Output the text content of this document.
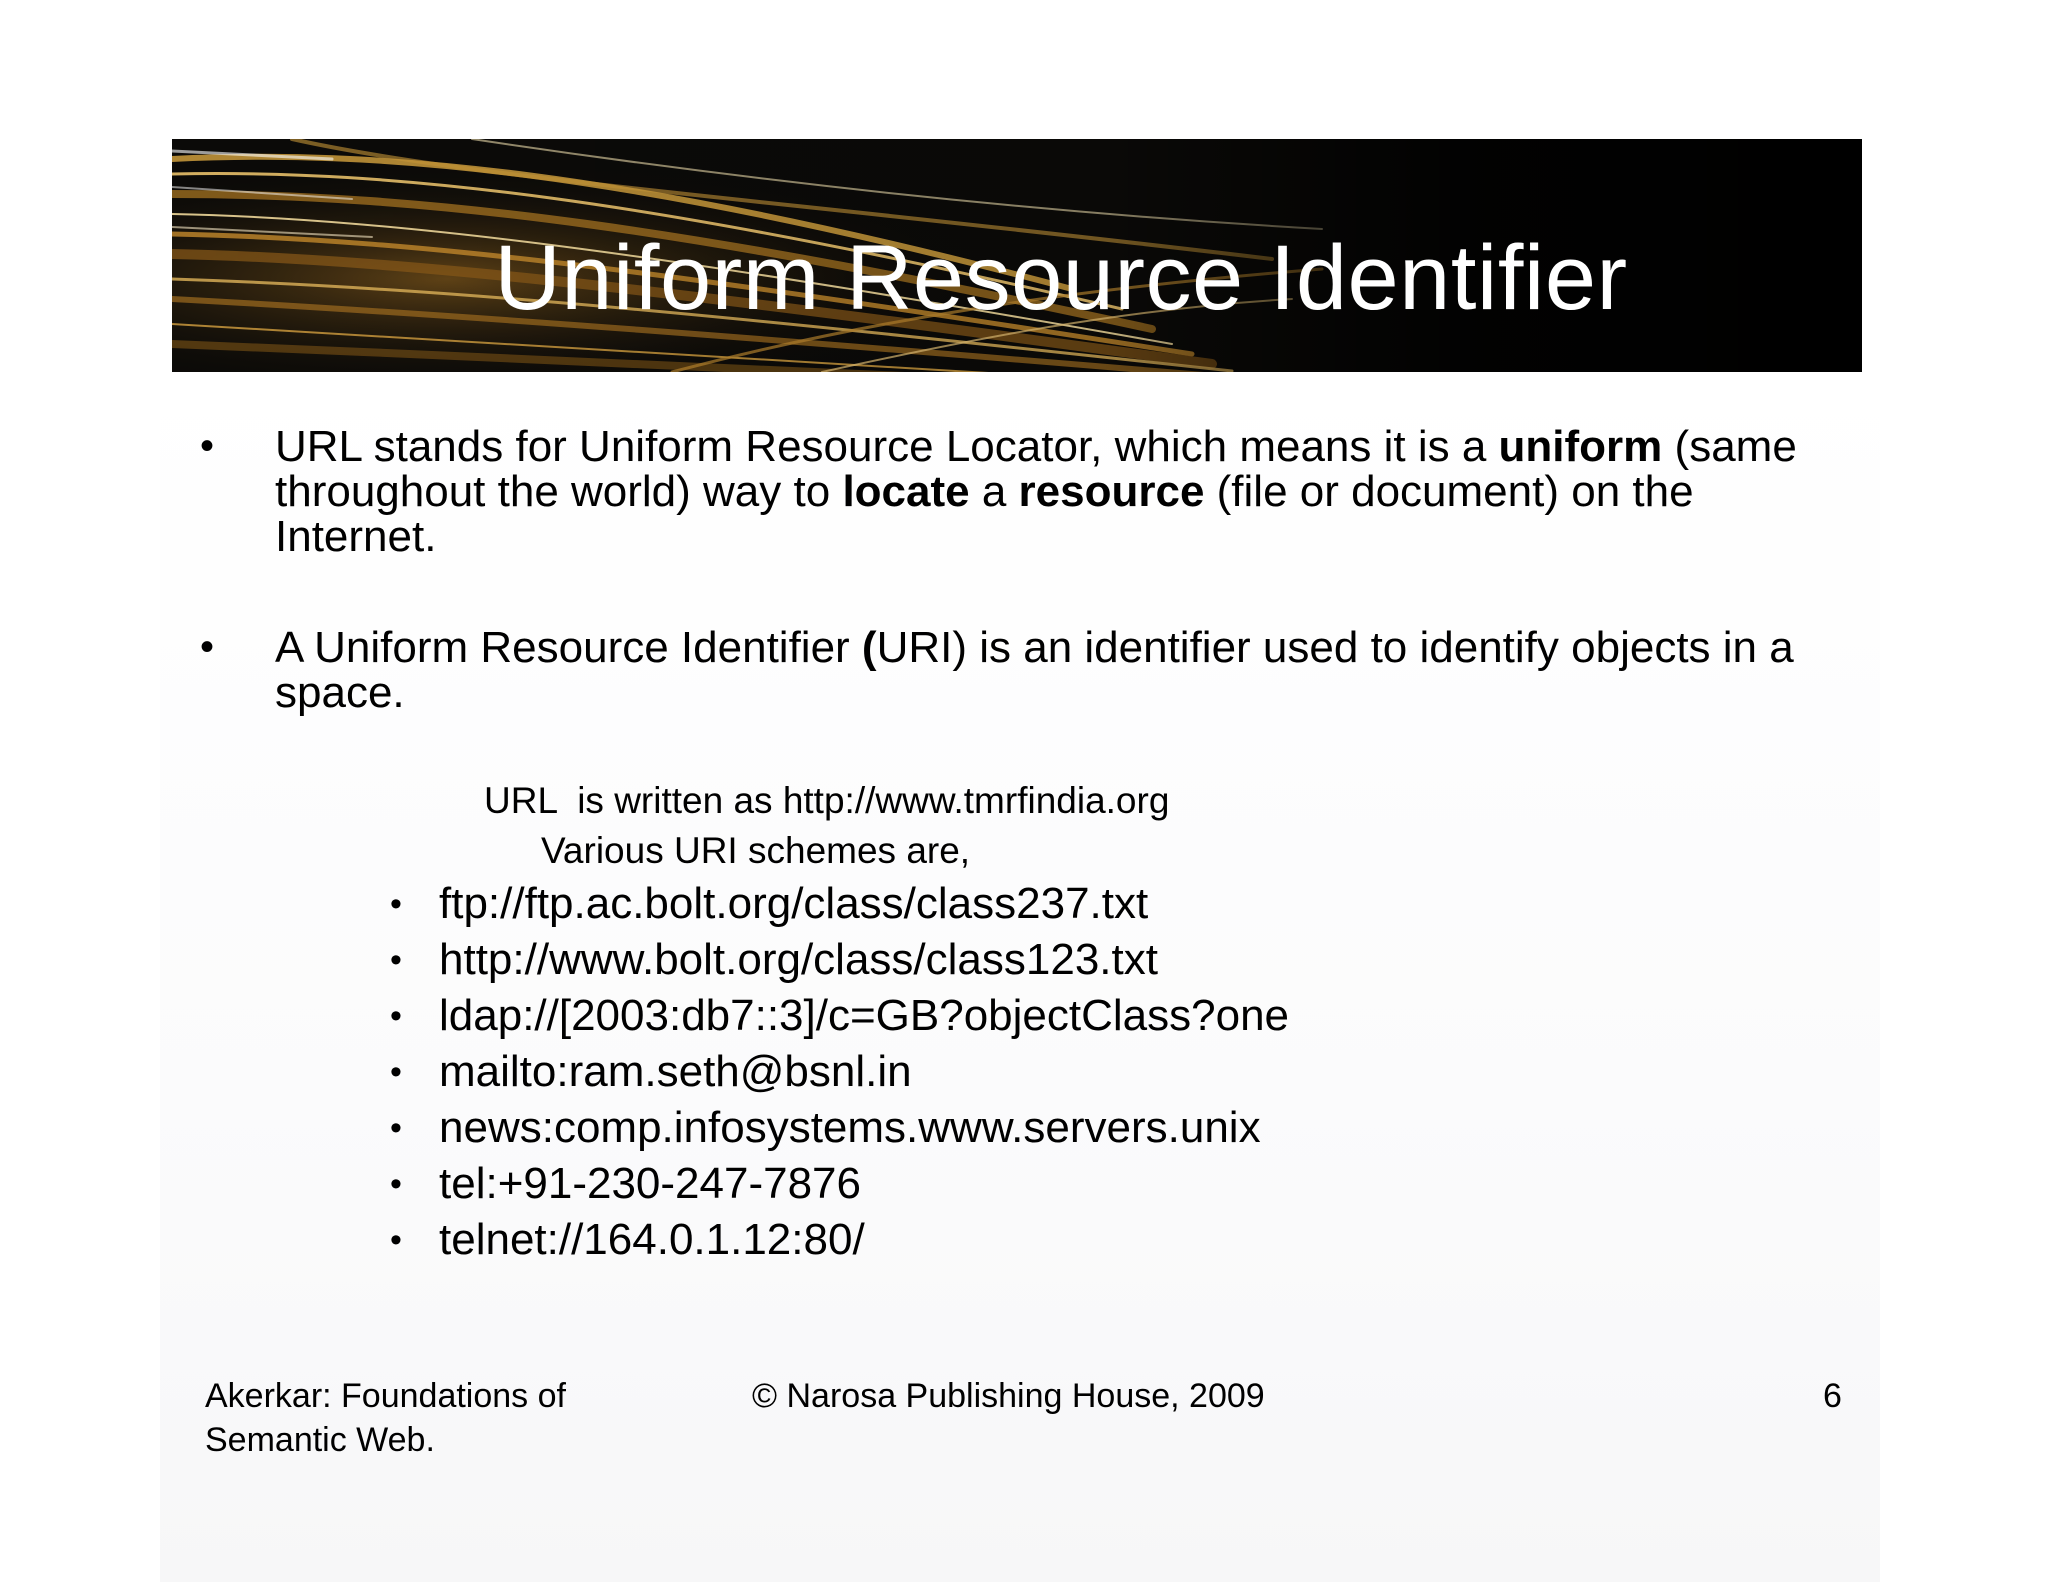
Uniform Resource Identifier
•	URL stands for Uniform Resource Locator, which means it is a uniform (same throughout the world) way to locate a resource (file or document) on the Internet.
•	A Uniform Resource Identifier (URI) is an identifier used to identify objects in a space.
URL  is written as http://www.tmrfindia.org
Various URI schemes are,
• ftp://ftp.ac.bolt.org/class/class237.txt
• http://www.bolt.org/class/class123.txt
• ldap://[2003:db7::3]/c=GB?objectClass?one
• mailto:ram.seth@bsnl.in
• news:comp.infosystems.www.servers.unix
• tel:+91-230-247-7876
• telnet://164.0.1.12:80/
Akerkar: Foundations of
Semantic Web.
© Narosa Publishing House, 2009	6
